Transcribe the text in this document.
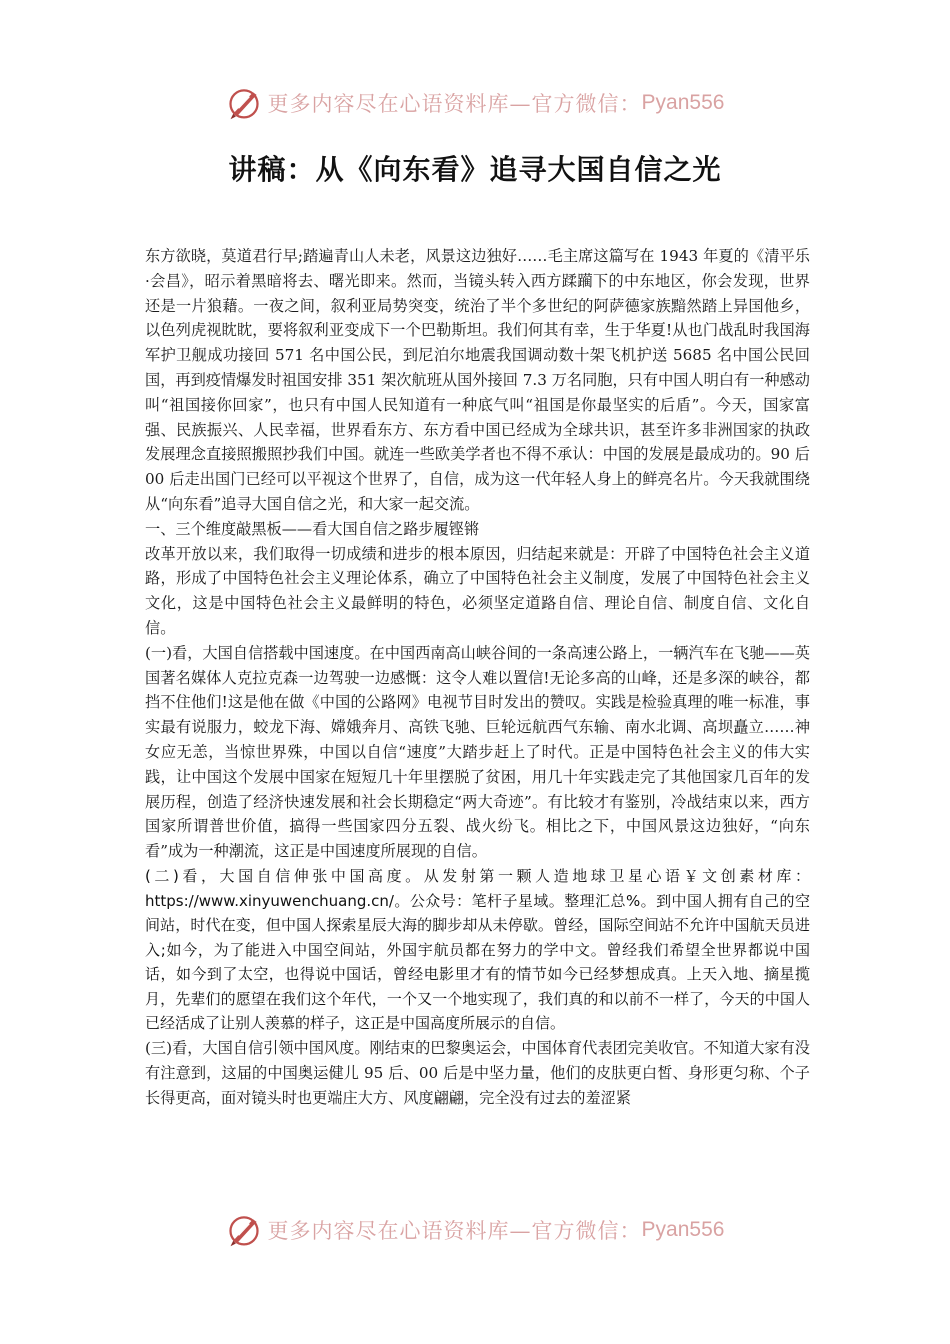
更多内容尽在心语资料库—官方微信： Pyan556
讲稿：从《向东看》追寻大国自信之光

东方欲晓，莫道君行早;踏遍青山人未老，风景这边独好……毛主席这篇写在 1943 年夏的《清平乐·会昌》，昭示着黑暗将去、曙光即来。然而，当镜头转入西方蹂躏下的中东地区，你会发现，世界还是一片狼藉。一夜之间，叙利亚局势突变，统治了半个多世纪的阿萨德家族黯然踏上异国他乡，以色列虎视眈眈，要将叙利亚变成下一个巴勒斯坦。我们何其有幸，生于华夏!从也门战乱时我国海军护卫舰成功接回 571 名中国公民，到尼泊尔地震我国调动数十架飞机护送 5685 名中国公民回国，再到疫情爆发时祖国安排 351 架次航班从国外接回 7.3 万名同胞，只有中国人明白有一种感动叫“祖国接你回家”，也只有中国人民知道有一种底气叫“祖国是你最坚实的后盾”。今天，国家富强、民族振兴、人民幸福，世界看东方、东方看中国已经成为全球共识，甚至许多非洲国家的执政发展理念直接照搬照抄我们中国。就连一些欧美学者也不得不承认：中国的发展是最成功的。90 后 00 后走出国门已经可以平视这个世界了，自信，成为这一代年轻人身上的鲜亮名片。今天我就围绕从“向东看”追寻大国自信之光，和大家一起交流。

一、三个维度敲黑板——看大国自信之路步履铿锵

改革开放以来，我们取得一切成绩和进步的根本原因，归结起来就是：开辟了中国特色社会主义道路，形成了中国特色社会主义理论体系，确立了中国特色社会主义制度，发展了中国特色社会主义文化，这是中国特色社会主义最鲜明的特色，必须坚定道路自信、理论自信、制度自信、文化自信。

(一)看，大国自信搭载中国速度。在中国西南高山峡谷间的一条高速公路上，一辆汽车在飞驰——英国著名媒体人克拉克森一边驾驶一边感慨：这令人难以置信!无论多高的山峰，还是多深的峡谷，都挡不住他们!这是他在做《中国的公路网》电视节目时发出的赞叹。实践是检验真理的唯一标准，事实最有说服力，蛟龙下海、嫦娥奔月、高铁飞驰、巨轮远航西气东输、南水北调、高坝矗立……神女应无恙，当惊世界殊，中国以自信“速度”大踏步赶上了时代。正是中国特色社会主义的伟大实践，让中国这个发展中国家在短短几十年里摆脱了贫困，用几十年实践走完了其他国家几百年的发展历程，创造了经济快速发展和社会长期稳定“两大奇迹”。有比较才有鉴别，冷战结束以来，西方国家所谓普世价值，搞得一些国家四分五裂、战火纷飞。相比之下，中国风景这边独好，“向东看”成为一种潮流，这正是中国速度所展现的自信。

(二)看，大国自信伸张中国高度。从发射第一颗人造地球卫星心语￥文创素材库：https://www.xinyuwenchuang.cn/。公众号：笔杆子星域。整理汇总%。到中国人拥有自己的空间站，时代在变，但中国人探索星辰大海的脚步却从未停歇。曾经，国际空间站不允许中国航天员进入;如今，为了能进入中国空间站，外国宇航员都在努力的学中文。曾经我们希望全世界都说中国话，如今到了太空，也得说中国话，曾经电影里才有的情节如今已经梦想成真。上天入地、摘星揽月，先辈们的愿望在我们这个年代，一个又一个地实现了，我们真的和以前不一样了，今天的中国人已经活成了让别人羡慕的样子，这正是中国高度所展示的自信。

(三)看，大国自信引领中国风度。刚结束的巴黎奥运会，中国体育代表团完美收官。不知道大家有没有注意到，这届的中国奥运健儿 95 后、00 后是中坚力量，他们的皮肤更白皙、身形更匀称、个子长得更高，面对镜头时也更端庄大方、风度翩翩，完全没有过去的羞涩紧

更多内容尽在心语资料库—官方微信： Pyan556
